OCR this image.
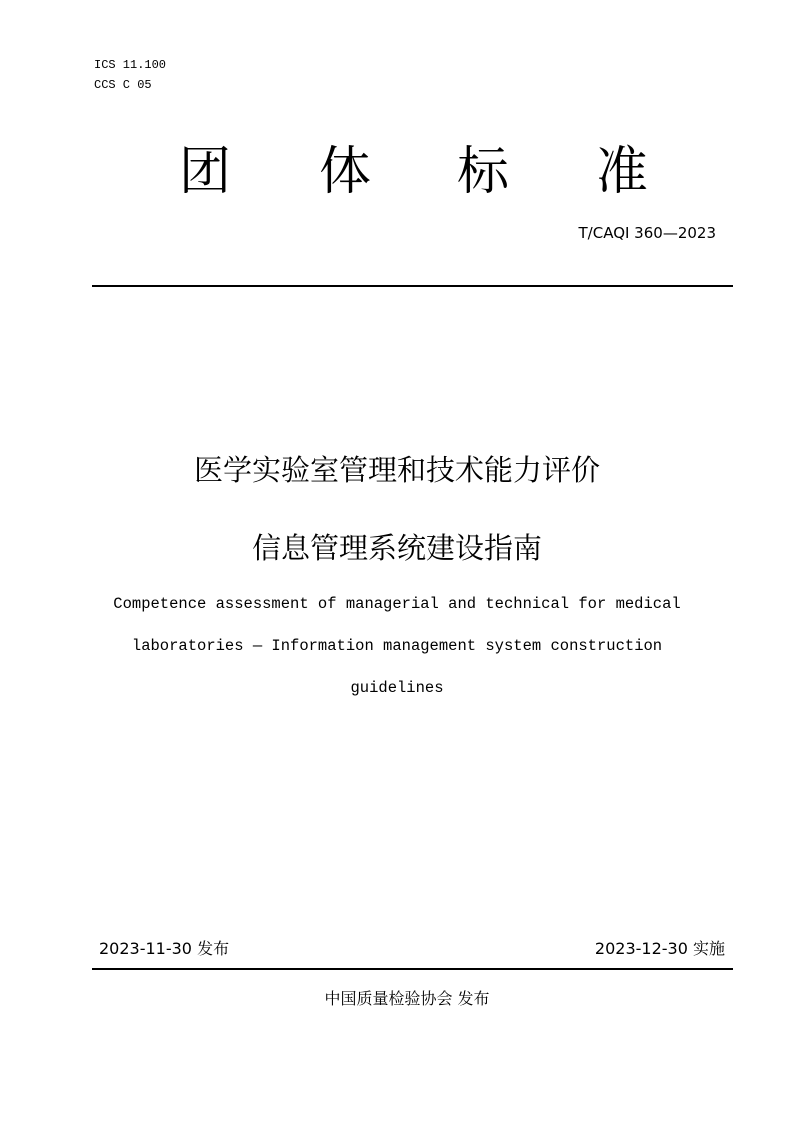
ICS 11.100
CCS C 05
团 体 标 准
T/CAQI 360—2023
医学实验室管理和技术能力评价
信息管理系统建设指南
Competence assessment of managerial and technical for medical
laboratories — Information management system construction
guidelines
2023-11-30 发布	2023-12-30 实施
中国质量检验协会 发布
